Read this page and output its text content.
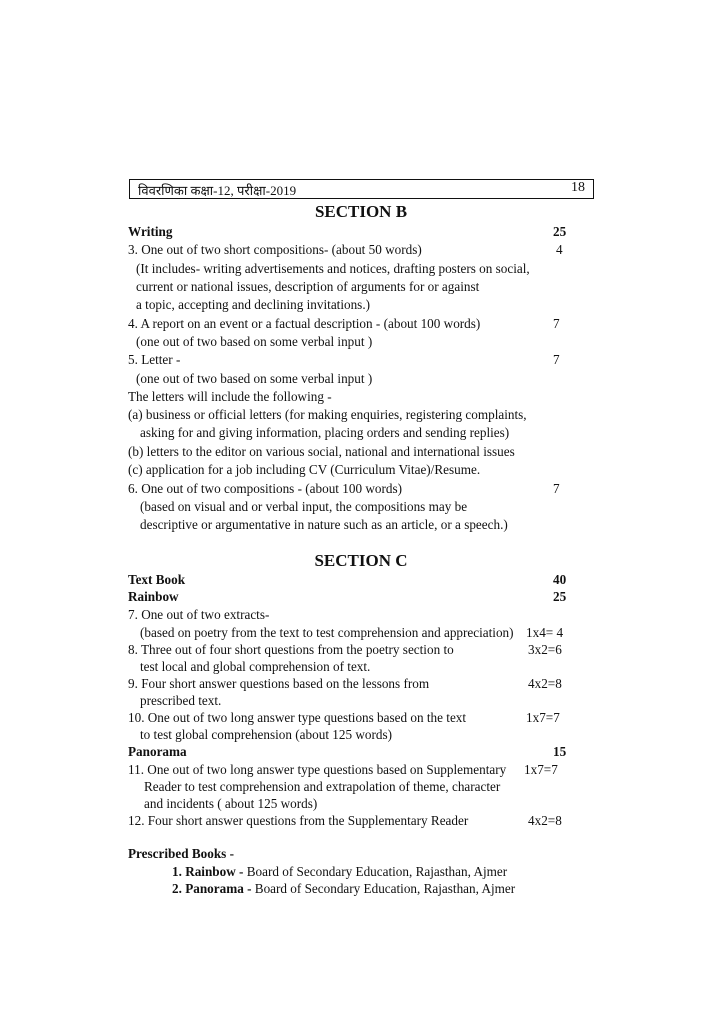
विवरणिका कक्षा-12, परीक्षा-2019	18
SECTION B
Writing	25
3. One out of two short compositions- (about 50 words)	4
(It includes- writing advertisements and notices, drafting posters on social,
current or national issues, description of arguments for or against
a topic, accepting and declining invitations.)
4. A report on an event or a factual description - (about 100 words)	7
(one out of two based on some verbal input )
5. Letter -	7
(one out of two based on some verbal input )
The letters will include the following -
(a) business or official letters (for making enquiries, registering complaints,
asking for and giving information, placing orders and sending replies)
(b) letters to the editor on various social, national and international issues
(c) application for a job including CV (Curriculum Vitae)/Resume.
6. One out of two compositions - (about 100 words)	7
(based on visual and or verbal input, the compositions may be
descriptive or argumentative in nature such as an article, or a speech.)
SECTION C
Text Book	40
Rainbow	25
7. One out of two extracts-
(based on poetry from the text to test comprehension and appreciation) 1x4= 4
8. Three out of four short questions from the poetry section to	3x2=6
test local and global comprehension of text.
9. Four short answer questions based on the lessons from	4x2=8
prescribed text.
10. One out of two long answer type questions based on the text	1x7=7
to test global comprehension (about 125 words)
Panorama	15
11. One out of two long answer type questions based on Supplementary 1x7=7
Reader to test comprehension and extrapolation of theme, character
and incidents ( about 125 words)
12. Four short answer questions from the Supplementary Reader	4x2=8
Prescribed Books -
1. Rainbow - Board of Secondary Education, Rajasthan, Ajmer
2. Panorama - Board of Secondary Education, Rajasthan, Ajmer
